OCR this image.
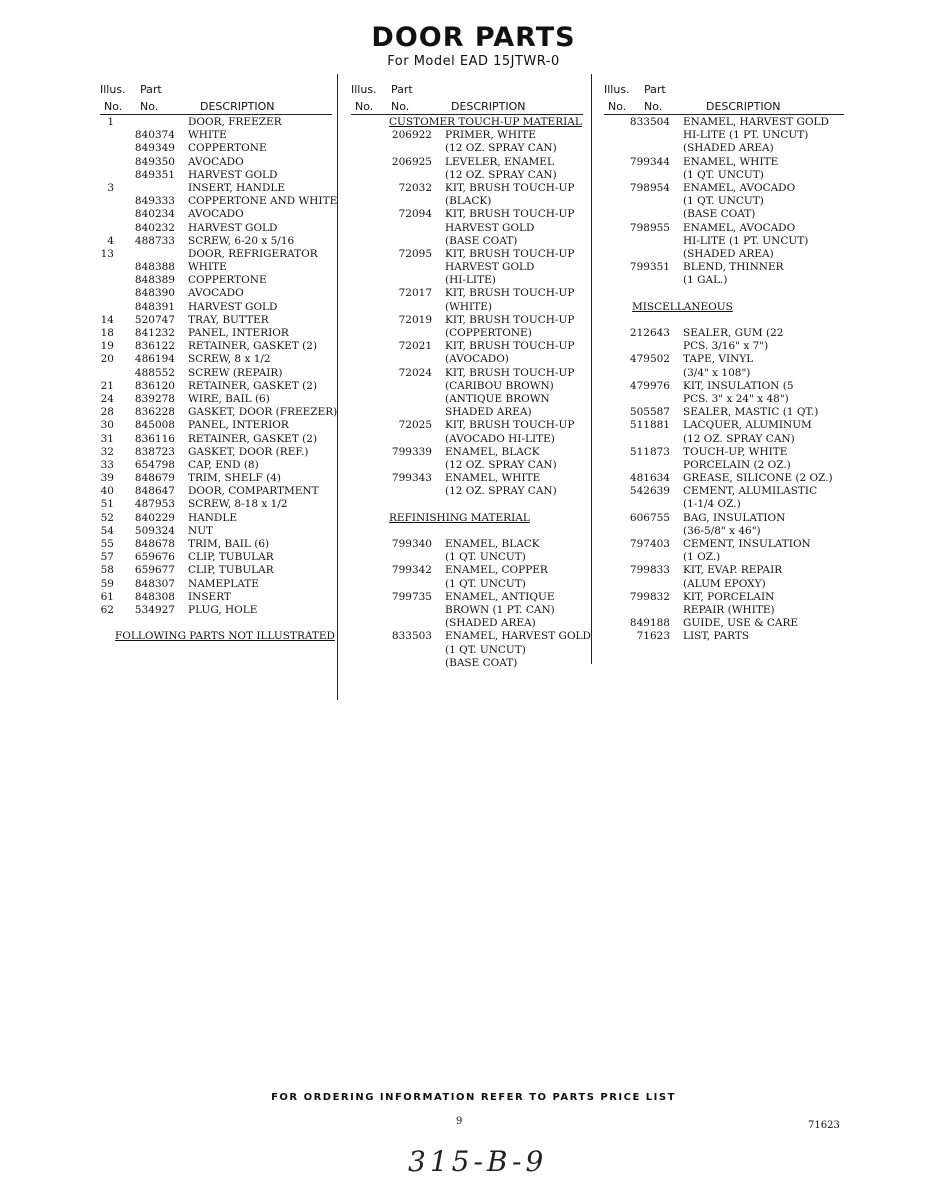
DOOR PARTS
For Model EAD 15JTWR-0
Illus. Part
No. No.	DESCRIPTION
1	DOOR, FREEZER
840374 WHITE
849349 COPPERTONE
849350 AVOCADO
849351 HARVEST GOLD
3	INSERT, HANDLE
849333 COPPERTONE AND WHITE
840234 AVOCADO
840232 HARVEST GOLD
4 488733 SCREW, 6-20 x 5/16
13	DOOR, REFRIGERATOR
848388 WHITE
848389 COPPERTONE
848390 AVOCADO
848391 HARVEST GOLD
14 520747 TRAY, BUTTER
18 841232 PANEL, INTERIOR
19 836122 RETAINER, GASKET (2)
20 486194 SCREW, 8 x 1/2
488552 SCREW (REPAIR)
21 836120 RETAINER, GASKET (2)
24 839278 WIRE, BAIL (6)
28 836228 GASKET, DOOR (FREEZER)
30 845008 PANEL, INTERIOR
31 836116 RETAINER, GASKET (2)
32 838723 GASKET, DOOR (REF.)
33 654798 CAP, END (8)
39 848679 TRIM, SHELF (4)
40 848647 DOOR, COMPARTMENT
51 487953 SCREW, 8-18 x 1/2
52 840229 HANDLE
54 509324 NUT
55 848678 TRIM, BAIL (6)
57 659676 CLIP, TUBULAR
58 659677 CLIP, TUBULAR
59 848307 NAMEPLATE
61 848308 INSERT
62 534927 PLUG, HOLE
FOLLOWING PARTS NOT ILLUSTRATED
Illus. Part
No. No.	DESCRIPTION
CUSTOMER TOUCH-UP MATERIAL
206922 PRIMER, WHITE
(12 OZ. SPRAY CAN)
206925 LEVELER, ENAMEL
(12 OZ. SPRAY CAN)
72032 KIT, BRUSH TOUCH-UP
(BLACK)
72094 KIT, BRUSH TOUCH-UP
HARVEST GOLD
(BASE COAT)
72095 KIT, BRUSH TOUCH-UP
HARVEST GOLD
(HI-LITE)
72017 KIT, BRUSH TOUCH-UP
(WHITE)
72019 KIT, BRUSH TOUCH-UP
(COPPERTONE)
72021 KIT, BRUSH TOUCH-UP
(AVOCADO)
72024 KIT, BRUSH TOUCH-UP
(CARIBOU BROWN)
(ANTIQUE BROWN
SHADED AREA)
72025 KIT, BRUSH TOUCH-UP
(AVOCADO HI-LITE)
799339 ENAMEL, BLACK
(12 OZ. SPRAY CAN)
799343 ENAMEL, WHITE
(12 OZ. SPRAY CAN)
REFINISHING MATERIAL
799340 ENAMEL, BLACK
(1 QT. UNCUT)
799342 ENAMEL, COPPER
(1 QT. UNCUT)
799735 ENAMEL, ANTIQUE
BROWN (1 PT. CAN)
(SHADED AREA)
833503 ENAMEL, HARVEST GOLD
(1 QT. UNCUT)
(BASE COAT)
Illus. Part
No. No.	DESCRIPTION
833504 ENAMEL, HARVEST GOLD
HI-LITE (1 PT. UNCUT)
(SHADED AREA)
799344 ENAMEL, WHITE
(1 QT. UNCUT)
798954 ENAMEL, AVOCADO
(1 QT. UNCUT)
(BASE COAT)
798955 ENAMEL, AVOCADO
HI-LITE (1 PT. UNCUT)
(SHADED AREA)
799351 BLEND, THINNER
(1 GAL.)
MISCELLANEOUS
212643 SEALER, GUM (22
PCS. 3/16" x 7")
479502 TAPE, VINYL
(3/4" x 108")
479976 KIT, INSULATION (5
PCS. 3" x 24" x 48")
505587 SEALER, MASTIC (1 QT.)
511881 LACQUER, ALUMINUM
(12 OZ. SPRAY CAN)
511873 TOUCH-UP, WHITE
PORCELAIN (2 OZ.)
481634 GREASE, SILICONE (2 OZ.)
542639 CEMENT, ALUMILASTIC
(1-1/4 OZ.)
606755 BAG, INSULATION
(36-5/8" x 46")
797403 CEMENT, INSULATION
(1 OZ.)
799833 KIT, EVAP. REPAIR
(ALUM EPOXY)
799832 KIT, PORCELAIN
REPAIR (WHITE)
849188 GUIDE, USE & CARE
71623 LIST, PARTS
FOR ORDERING INFORMATION REFER TO PARTS PRICE LIST
9	71623
315-B-9
